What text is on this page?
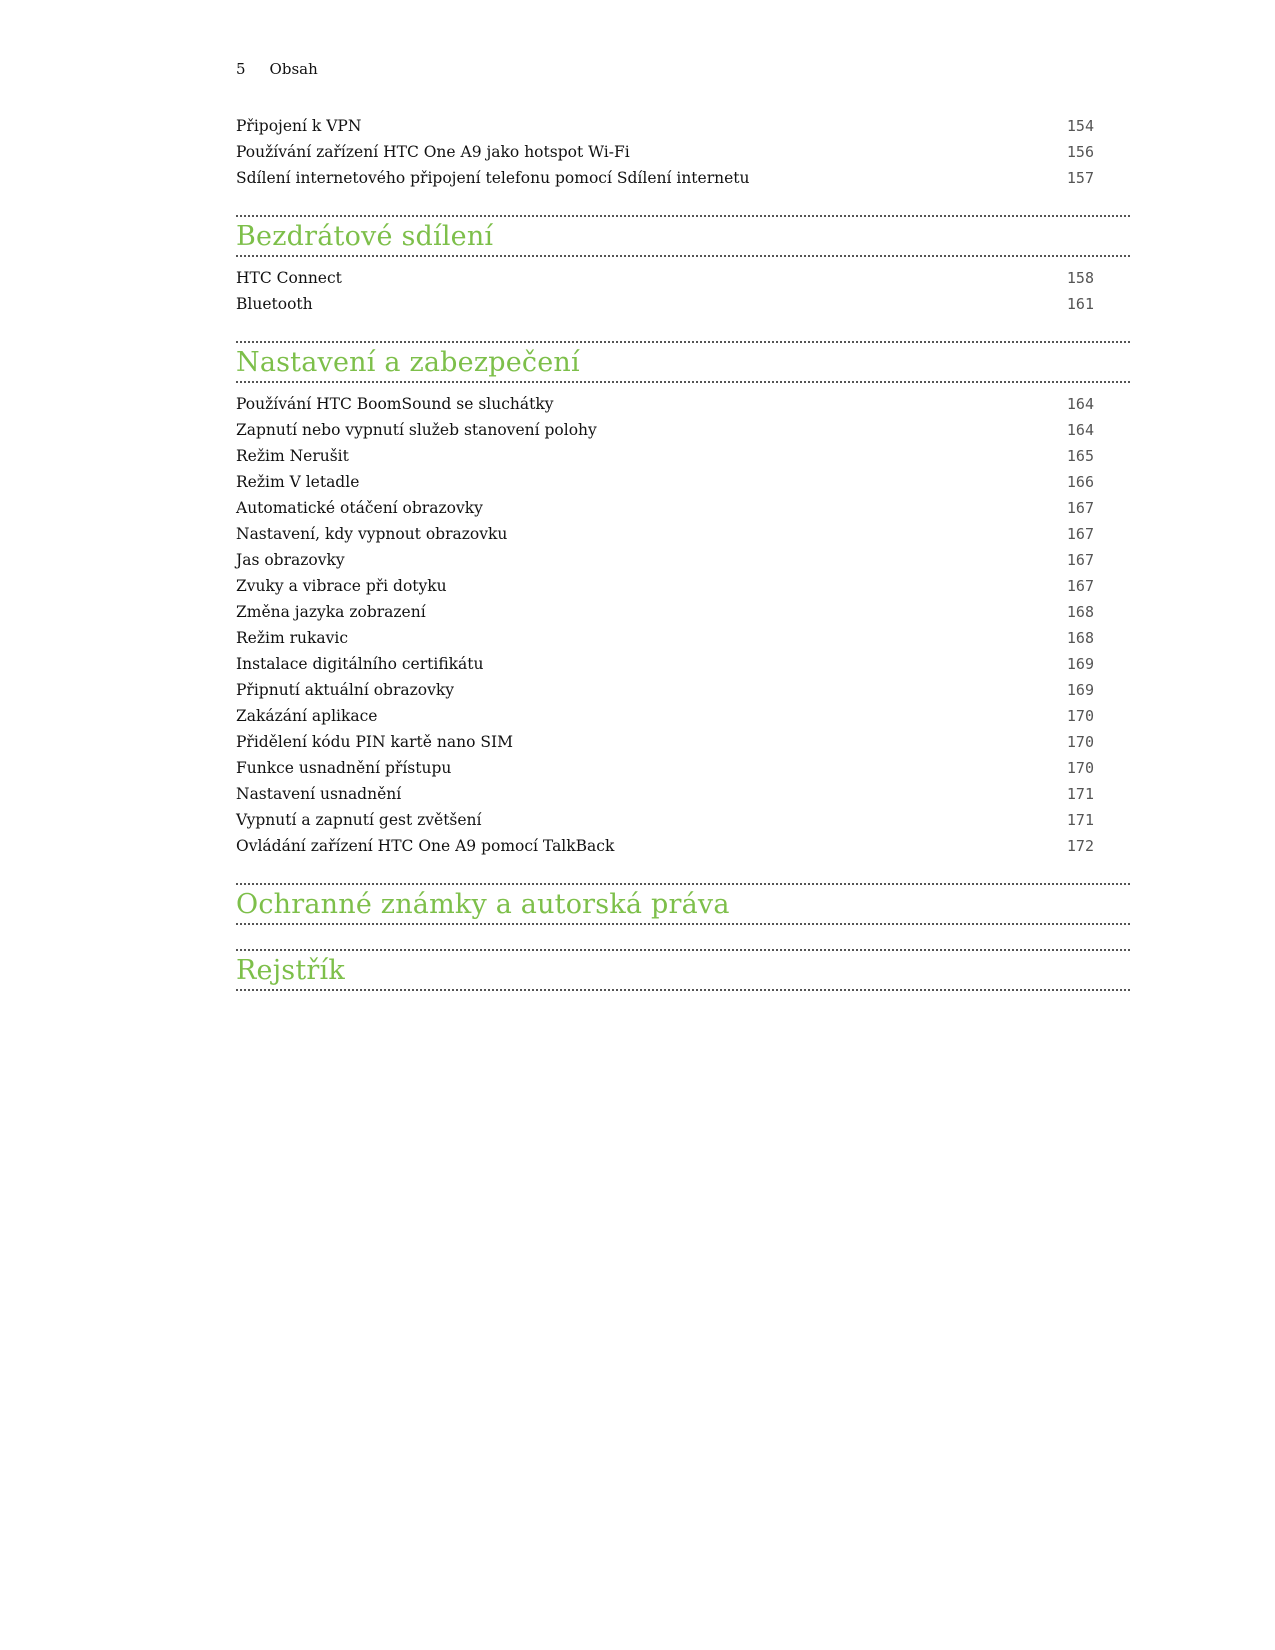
5 Obsah
Připojení k VPN	154
Používání zařízení HTC One A9 jako hotspot Wi-Fi	156
Sdílení internetového připojení telefonu pomocí Sdílení internetu	157
Bezdrátové sdílení
HTC Connect	158
Bluetooth	161
Nastavení a zabezpečení
Používání HTC BoomSound se sluchátky	164
Zapnutí nebo vypnutí služeb stanovení polohy	164
Režim Nerušit	165
Režim V letadle	166
Automatické otáčení obrazovky	167
Nastavení, kdy vypnout obrazovku	167
Jas obrazovky	167
Zvuky a vibrace při dotyku	167
Změna jazyka zobrazení	168
Režim rukavic	168
Instalace digitálního certifikátu	169
Připnutí aktuální obrazovky	169
Zakázání aplikace	170
Přidělení kódu PIN kartě nano SIM	170
Funkce usnadnění přístupu	170
Nastavení usnadnění	171
Vypnutí a zapnutí gest zvětšení	171
Ovládání zařízení HTC One A9 pomocí TalkBack	172
Ochranné známky a autorská práva
Rejstřík
